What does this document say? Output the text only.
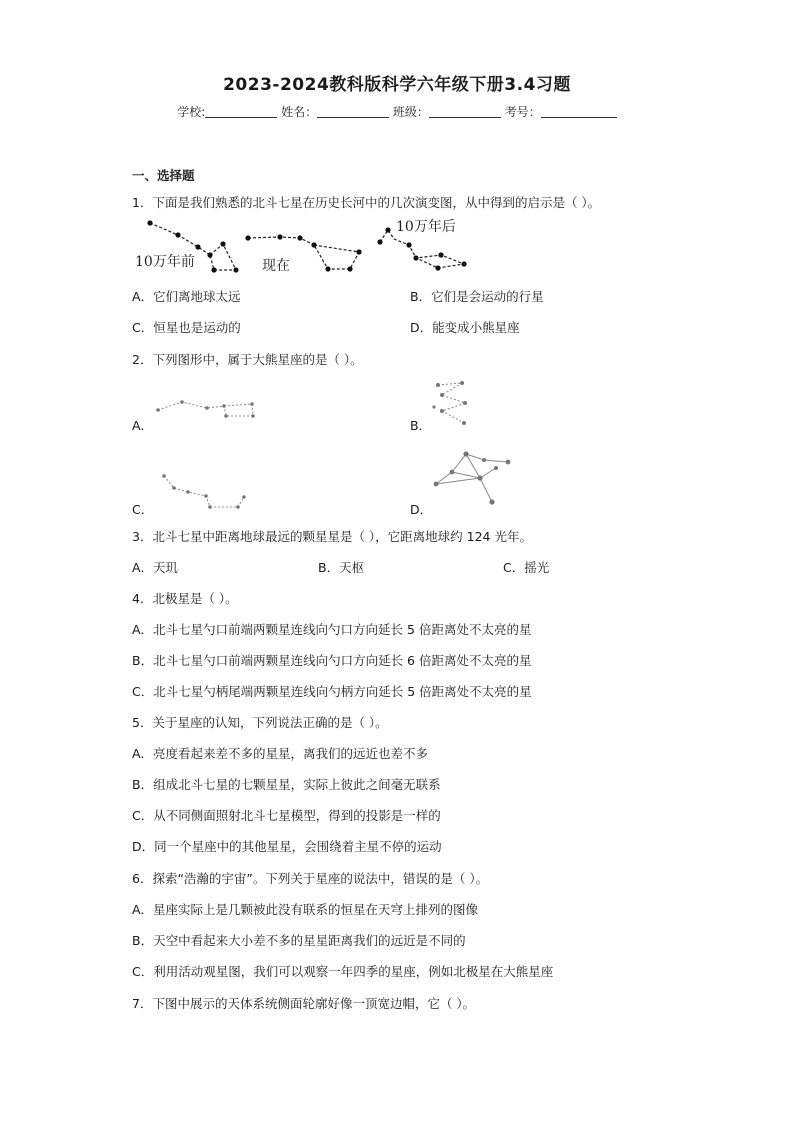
2023-2024教科版科学六年级下册3.4习题
学校:	姓名：	班级：	考号：
一、选择题
1．下面是我们熟悉的北斗七星在历史长河中的几次演变图，从中得到的启示是（ ）。
10万年前	现在
10万年后
A．它们离地球太远	B．它们是会运动的行星
C．恒星也是运动的	D．能变成小熊星座
2．下列图形中，属于大熊星座的是（ ）。
A．	B．
C．	D．
3．北斗七星中距离地球最远的颗星星是（ ），它距离地球约 124 光年。
A．天玑	B．天枢	C．摇光
4．北极星是（ ）。
A．北斗七星勺口前端两颗星连线向勺口方向延长 5 倍距离处不太亮的星
B．北斗七星勺口前端两颗星连线向勺口方向延长 6 倍距离处不太亮的星
C．北斗七星勺柄尾端两颗星连线向勺柄方向延长 5 倍距离处不太亮的星
5．关于星座的认知，下列说法正确的是（ ）。
A．亮度看起来差不多的星星，离我们的远近也差不多
B．组成北斗七星的七颗星星，实际上彼此之间毫无联系
C．从不同侧面照射北斗七星模型，得到的投影是一样的
D．同一个星座中的其他星星，会围绕着主星不停的运动
6．探索“浩瀚的宇宙”。下列关于星座的说法中，错误的是（ ）。
A．星座实际上是几颗被此没有联系的恒星在天穹上排列的图像
B．天空中看起来大小差不多的星星距离我们的远近是不同的
C．利用活动观星图，我们可以观察一年四季的星座，例如北极星在大熊星座
7．下图中展示的天体系统侧面轮廓好像一顶宽边帽，它（ ）。
